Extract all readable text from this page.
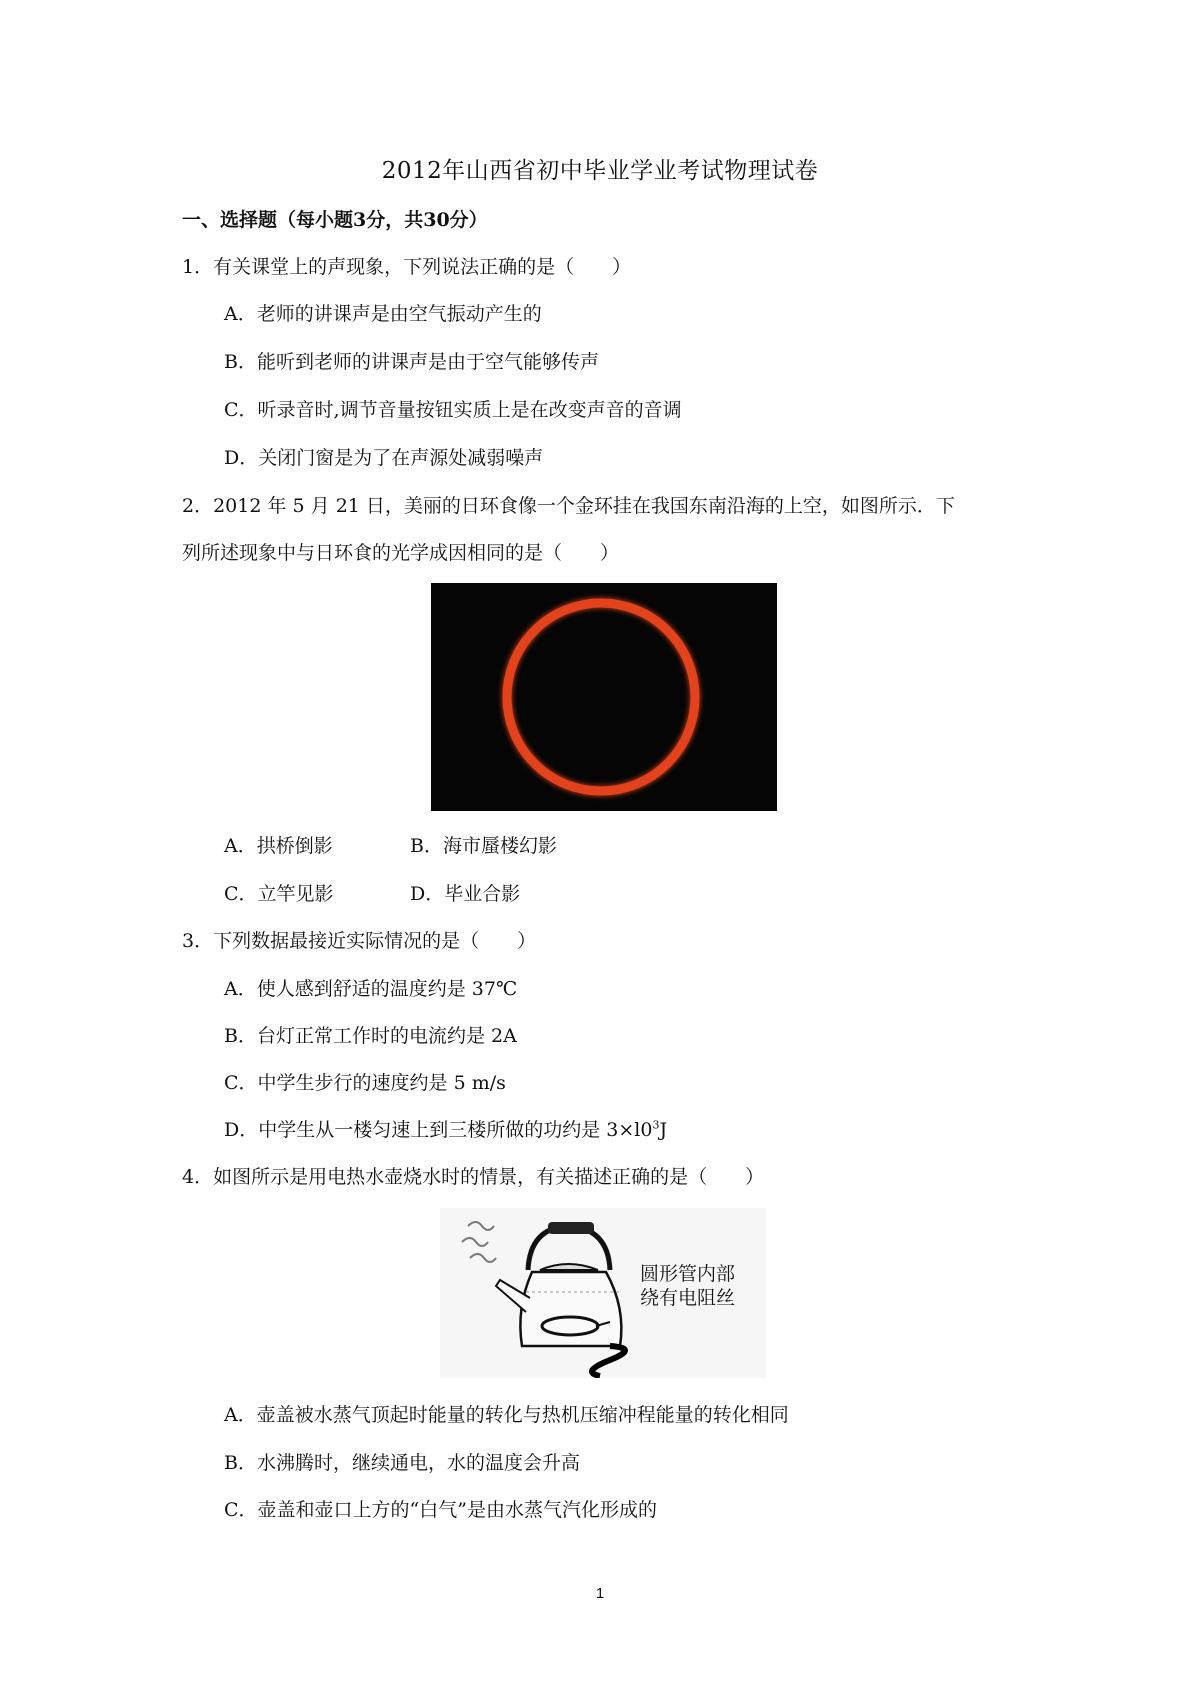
2012年山西省初中毕业学业考试物理试卷
一、选择题（每小题3分，共30分）
1．有关课堂上的声现象，下列说法正确的是（　　）
A．老师的讲课声是由空气振动产生的
B．能听到老师的讲课声是由于空气能够传声
C．听录音时,调节音量按钮实质上是在改变声音的音调
D．关闭门窗是为了在声源处减弱噪声
2．2012 年 5 月 21 日，美丽的日环食像一个金环挂在我国东南沿海的上空，如图所示．下
列所述现象中与日环食的光学成因相同的是（　　）
A．拱桥倒影	B．海市蜃楼幻影
C．立竿见影	D．毕业合影
3．下列数据最接近实际情况的是（　　）
A．使人感到舒适的温度约是 37℃
B．台灯正常工作时的电流约是 2A
C．中学生步行的速度约是 5 m/s
D．中学生从一楼匀速上到三楼所做的功约是 $3\times l0^3J$
4．如图所示是用电热水壶烧水时的情景，有关描述正确的是（　　）
圆形管内部
绕有电阻丝
A．壶盖被水蒸气顶起时能量的转化与热机压缩冲程能量的转化相同
B．水沸腾时，继续通电，水的温度会升高
C．壶盖和壶口上方的“白气”是由水蒸气汽化形成的
1
